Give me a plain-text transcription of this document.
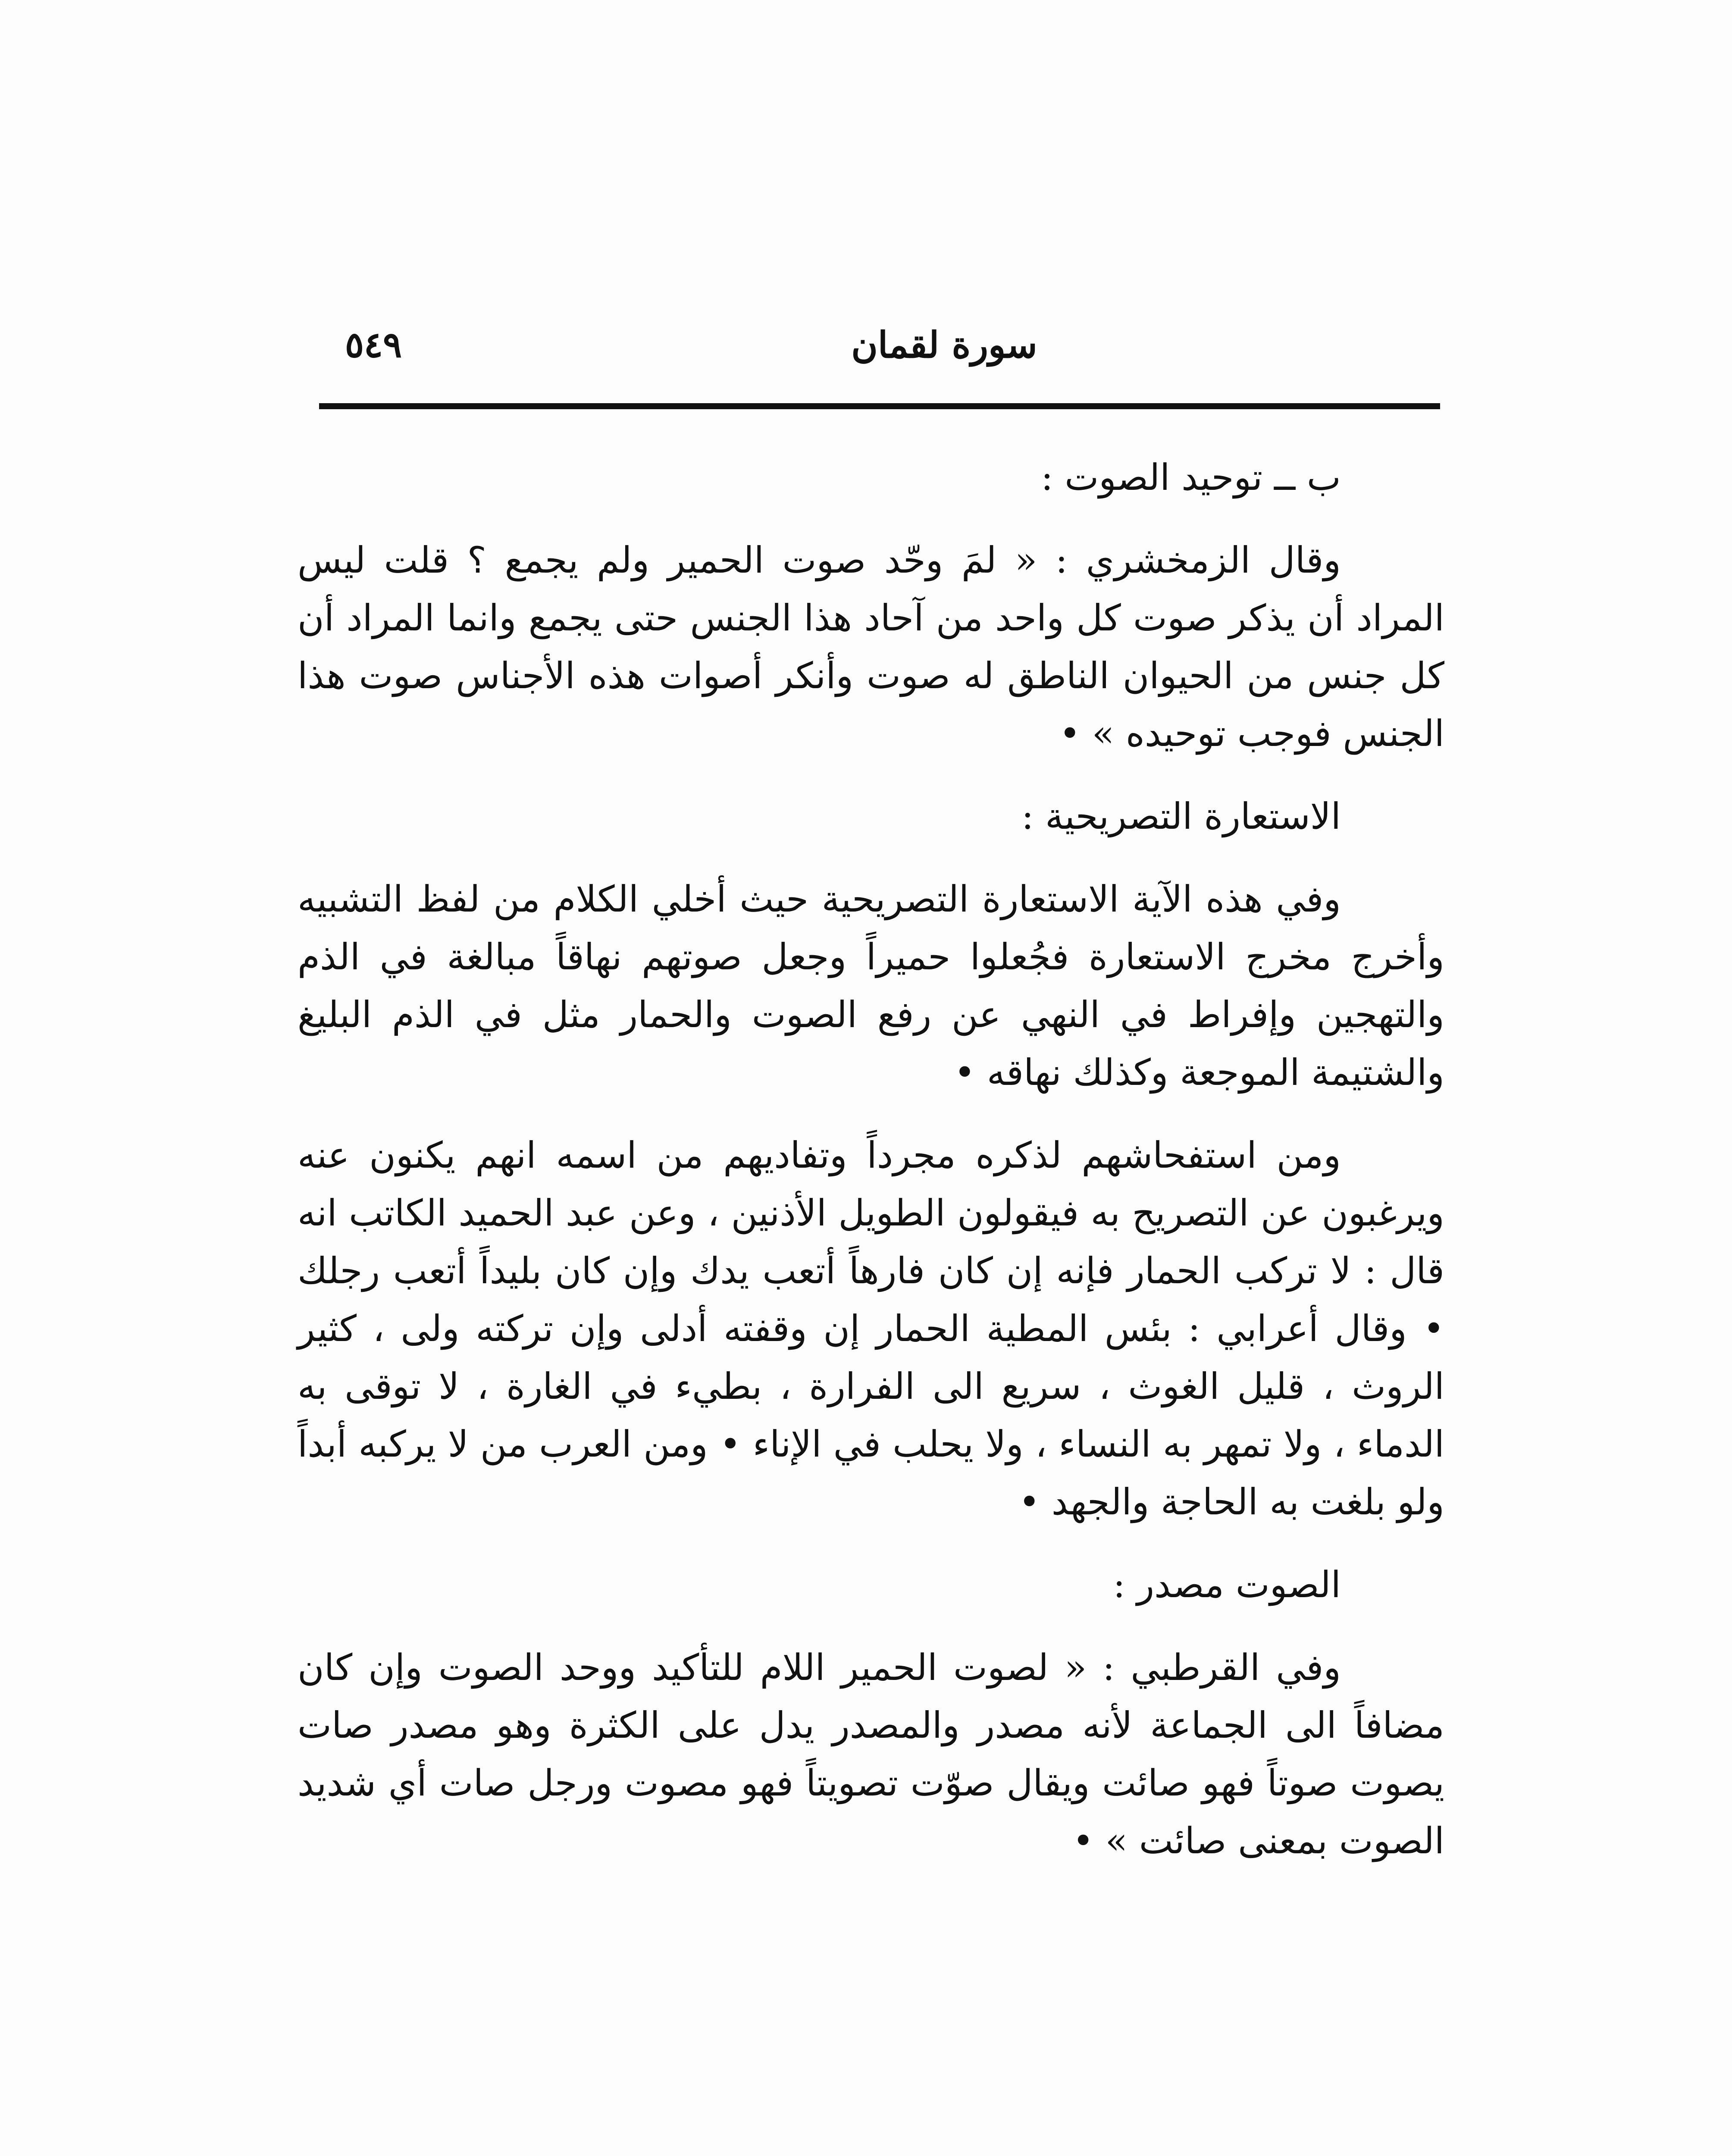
٥٤٩	سورة لقمان

ب ــ توحيد الصوت :

وقال الزمخشري : « لمَ وحّد صوت الحمير ولم يجمع ؟ قلت ليس المراد أن يذكر صوت كل واحد من آحاد هذا الجنس حتى يجمع وانما المراد أن كل جنس من الحيوان الناطق له صوت وأنكر أصوات هذه الأجناس صوت هذا الجنس فوجب توحيده » •

الاستعارة التصريحية :

وفي هذه الآية الاستعارة التصريحية حيث أخلي الكلام من لفظ التشبيه وأخرج مخرج الاستعارة فجُعلوا حميراً وجعل صوتهم نهاقاً مبالغة في الذم والتهجين وإفراط في النهي عن رفع الصوت والحمار مثل في الذم البليغ والشتيمة الموجعة وكذلك نهاقه •

ومن استفحاشهم لذكره مجرداً وتفاديهم من اسمه انهم يكنون عنه ويرغبون عن التصريح به فيقولون الطويل الأذنين ، وعن عبد الحميد الكاتب انه قال : لا تركب الحمار فإنه إن كان فارهاً أتعب يدك وإن كان بليداً أتعب رجلك • وقال أعرابي : بئس المطية الحمار إن وقفته أدلى وإن تركته ولى ، كثير الروث ، قليل الغوث ، سريع الى الفرارة ، بطيء في الغارة ، لا توقى به الدماء ، ولا تمهر به النساء ، ولا يحلب في الإناء • ومن العرب من لا يركبه أبداً ولو بلغت به الحاجة والجهد •

الصوت مصدر :

وفي القرطبي : « لصوت الحمير اللام للتأكيد ووحد الصوت وإن كان مضافاً الى الجماعة لأنه مصدر والمصدر يدل على الكثرة وهو مصدر صات يصوت صوتاً فهو صائت ويقال صوّت تصويتاً فهو مصوت ورجل صات أي شديد الصوت بمعنى صائت » •
